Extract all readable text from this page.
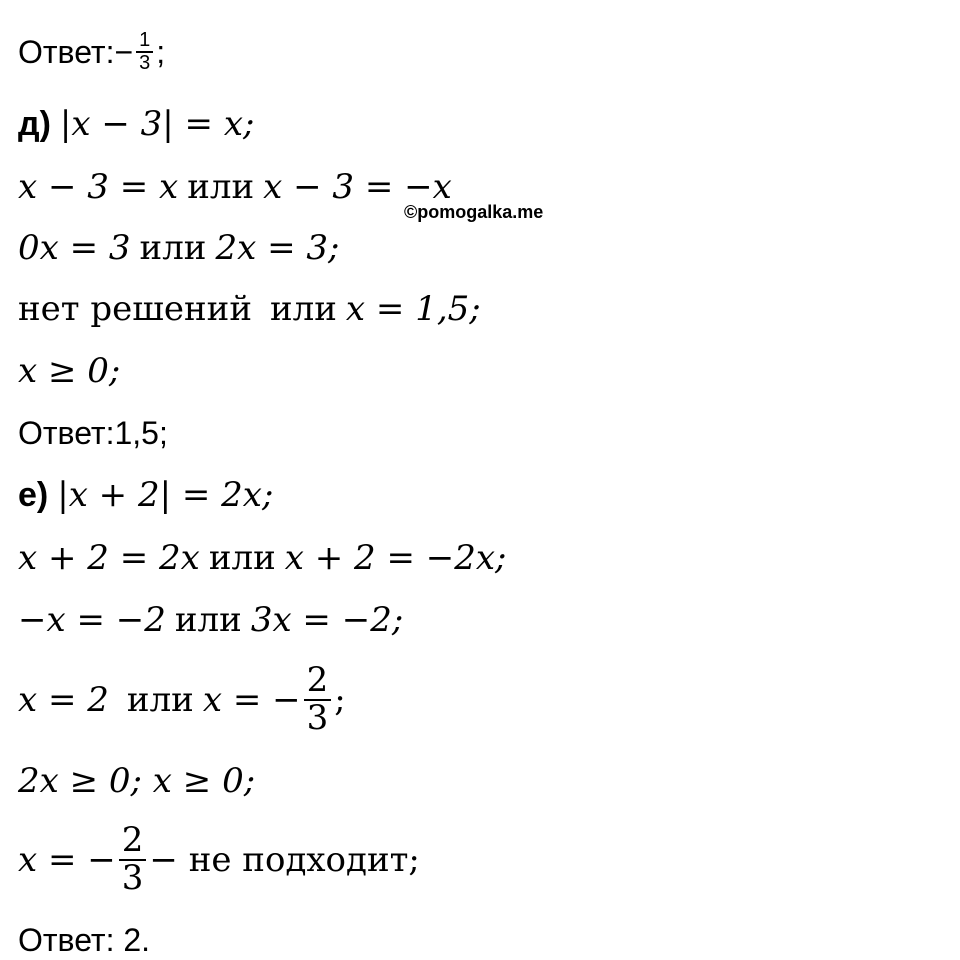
©pomogalka.me
Ответ:− $\frac{1}{3}$ ;
д) |x − 3| = x;
x − 3 = x или x − 3 = −x
0x = 3 или 2x = 3;
нет решений или x = 1,5;
x ≥ 0;
Ответ:1,5;
е) |x + 2| = 2x;
x + 2 = 2x или x + 2 = −2x;
−x = −2 или 3x = −2;
x = 2 или x = − $\frac{2}{3}$ ;
2x ≥ 0; x ≥ 0;
x = − $\frac{2}{3}$ − не подходит;
Ответ: 2.
